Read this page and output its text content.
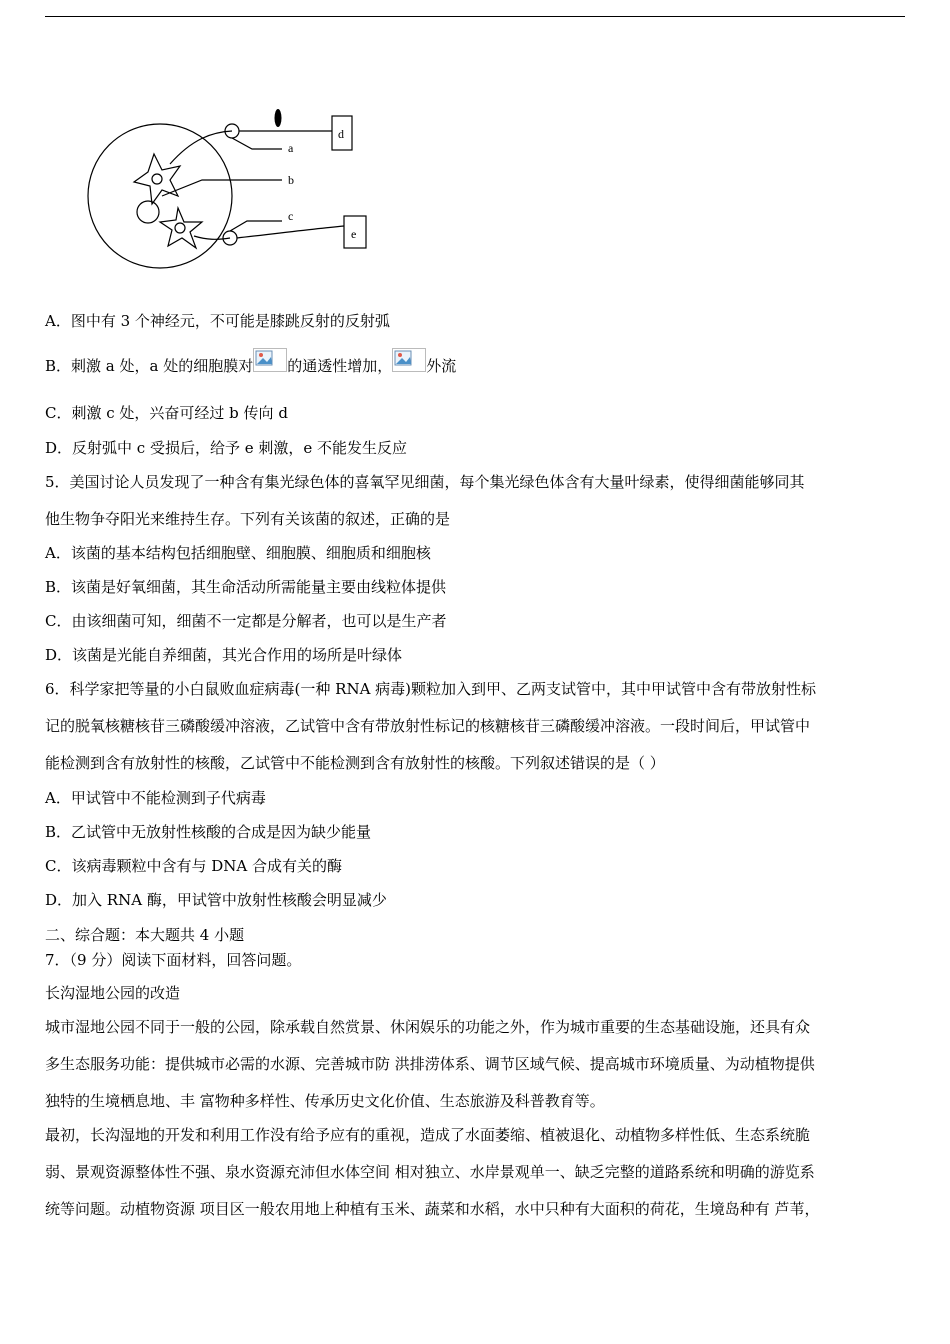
a
b
c
d
e
A．图中有 3 个神经元，不可能是膝跳反射的反射弧
B．刺激 a 处，a 处的细胞膜对 的通透性增加， 外流
C．刺激 c 处，兴奋可经过 b 传向 d
D．反射弧中 c 受损后，给予 e 刺激，e 不能发生反应
5．美国讨论人员发现了一种含有集光绿色体的喜氧罕见细菌，每个集光绿色体含有大量叶绿素，使得细菌能够同其
他生物争夺阳光来维持生存。下列有关该菌的叙述，正确的是
A．该菌的基本结构包括细胞壁、细胞膜、细胞质和细胞核
B．该菌是好氧细菌，其生命活动所需能量主要由线粒体提供
C．由该细菌可知，细菌不一定都是分解者，也可以是生产者
D．该菌是光能自养细菌，其光合作用的场所是叶绿体
6．科学家把等量的小白鼠败血症病毒(一种 RNA 病毒)颗粒加入到甲、乙两支试管中，其中甲试管中含有带放射性标
记的脱氧核糖核苷三磷酸缓冲溶液，乙试管中含有带放射性标记的核糖核苷三磷酸缓冲溶液。一段时间后，甲试管中
能检测到含有放射性的核酸，乙试管中不能检测到含有放射性的核酸。下列叙述错误的是（ ）
A．甲试管中不能检测到子代病毒
B．乙试管中无放射性核酸的合成是因为缺少能量
C．该病毒颗粒中含有与 DNA 合成有关的酶
D．加入 RNA 酶，甲试管中放射性核酸会明显减少
二、综合题：本大题共 4 小题
7．（9 分）阅读下面材料，回答问题。
长沟湿地公园的改造
城市湿地公园不同于一般的公园，除承载自然赏景、休闲娱乐的功能之外，作为城市重要的生态基础设施，还具有众
多生态服务功能：提供城市必需的水源、完善城市防 洪排涝体系、调节区域气候、提高城市环境质量、为动植物提供
独特的生境栖息地、丰 富物种多样性、传承历史文化价值、生态旅游及科普教育等。
最初，长沟湿地的开发和利用工作没有给予应有的重视，造成了水面萎缩、植被退化、动植物多样性低、生态系统脆
弱、景观资源整体性不强、泉水资源充沛但水体空间 相对独立、水岸景观单一、缺乏完整的道路系统和明确的游览系
统等问题。动植物资源 项目区一般农用地上种植有玉米、蔬菜和水稻，水中只种有大面积的荷花，生境岛种有 芦苇，
